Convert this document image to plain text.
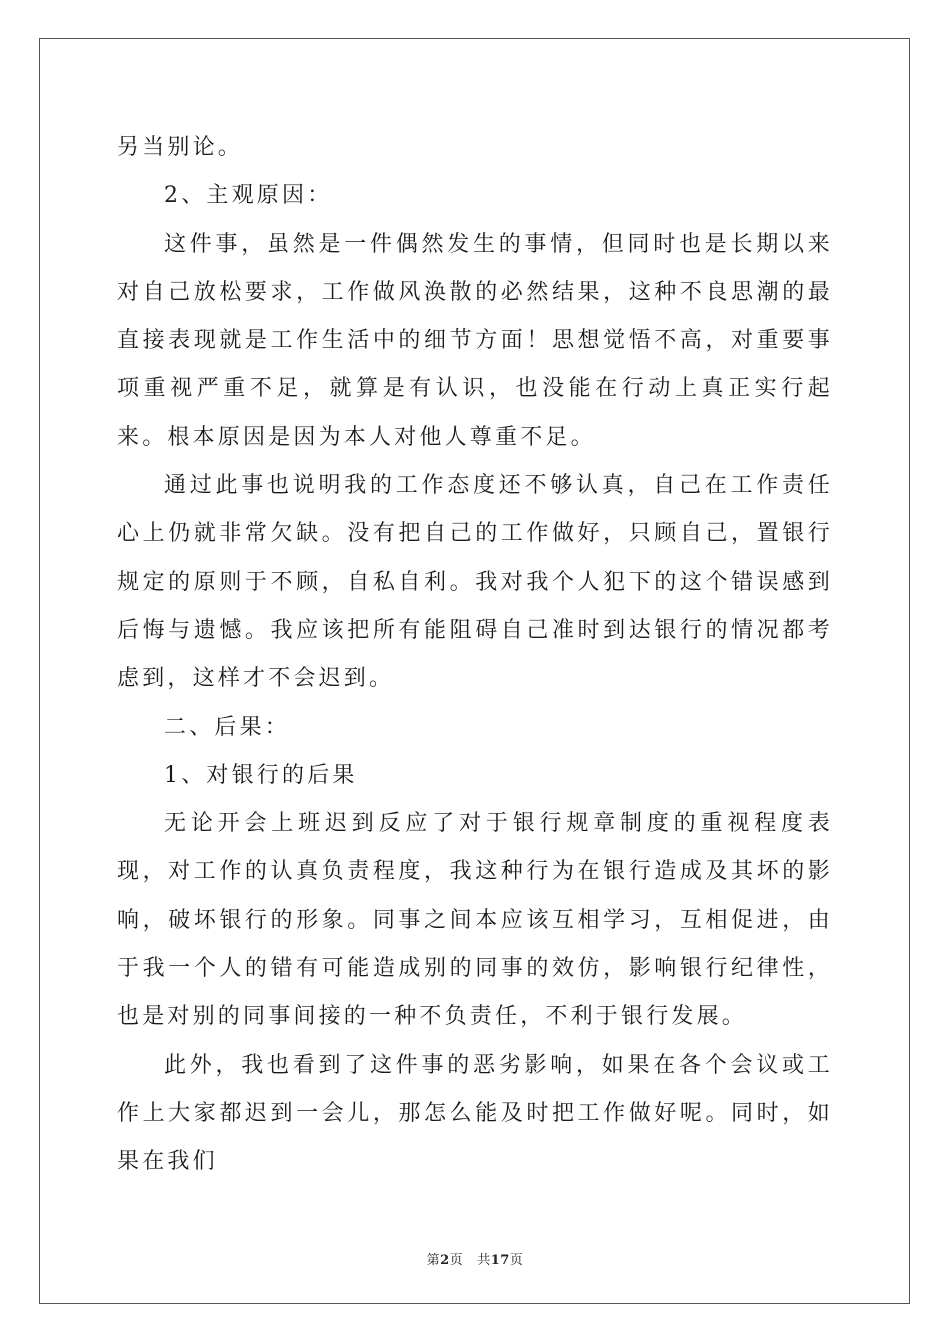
另当别论。

2、主观原因：

这件事，虽然是一件偶然发生的事情，但同时也是长期以来对自己放松要求，工作做风涣散的必然结果，这种不良思潮的最直接表现就是工作生活中的细节方面！思想觉悟不高，对重要事项重视严重不足，就算是有认识，也没能在行动上真正实行起来。根本原因是因为本人对他人尊重不足。

通过此事也说明我的工作态度还不够认真，自己在工作责任心上仍就非常欠缺。没有把自己的工作做好，只顾自己，置银行规定的原则于不顾，自私自利。我对我个人犯下的这个错误感到后悔与遗憾。我应该把所有能阻碍自己准时到达银行的情况都考虑到，这样才不会迟到。

二、后果：

1、对银行的后果

无论开会上班迟到反应了对于银行规章制度的重视程度表现，对工作的认真负责程度，我这种行为在银行造成及其坏的影响，破坏银行的形象。同事之间本应该互相学习，互相促进，由于我一个人的错有可能造成别的同事的效仿，影响银行纪律性，也是对别的同事间接的一种不负责任，不利于银行发展。

此外，我也看到了这件事的恶劣影响，如果在各个会议或工作上大家都迟到一会儿，那怎么能及时把工作做好呢。同时，如果在我们

第2页 共17页
